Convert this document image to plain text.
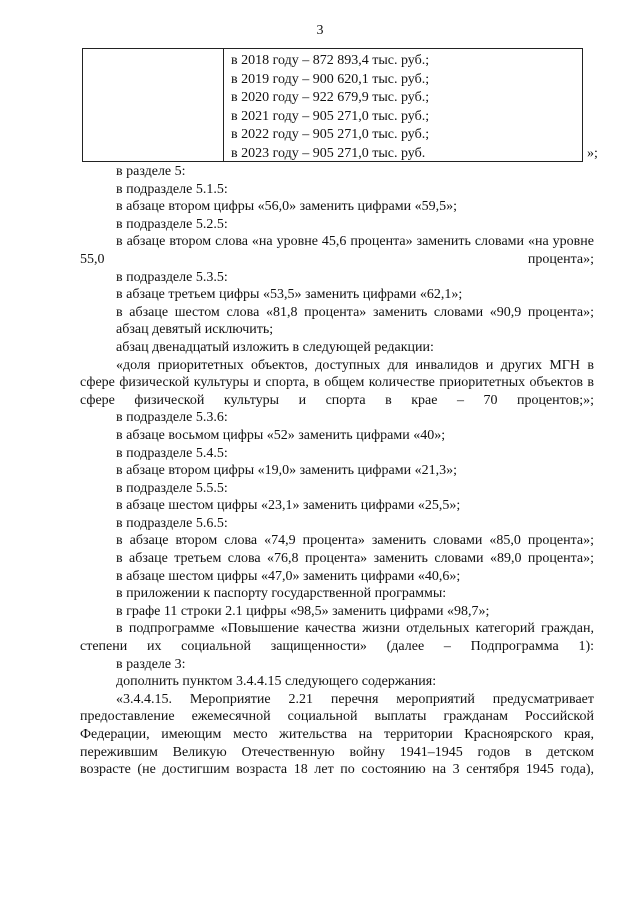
3
в 2018 году – 872 893,4 тыс. руб.;
в 2019 году – 900 620,1 тыс. руб.;
в 2020 году – 922 679,9 тыс. руб.;
в 2021 году – 905 271,0 тыс. руб.;
в 2022 году – 905 271,0 тыс. руб.;
в 2023 году – 905 271,0 тыс. руб.	»;

в разделе 5:

в подразделе 5.1.5:

в абзаце втором цифры «56,0» заменить цифрами «59,5»;

в подразделе 5.2.5:

в абзаце втором слова «на уровне 45,6 процента» заменить словами «на уровне 55,0 процента»;

в подразделе 5.3.5:

в абзаце третьем цифры «53,5» заменить цифрами «62,1»;

в абзаце шестом слова «81,8 процента» заменить словами «90,9 процента»;

абзац девятый исключить;

абзац двенадцатый изложить в следующей редакции:

«доля приоритетных объектов, доступных для инвалидов и других МГН в сфере физической культуры и спорта, в общем количестве приоритетных объектов в сфере физической культуры и спорта в крае – 70 процентов;»;

в подразделе 5.3.6:

в абзаце восьмом цифры «52» заменить цифрами «40»;

в подразделе 5.4.5:

в абзаце втором цифры «19,0» заменить цифрами «21,3»;

в подразделе 5.5.5:

в абзаце шестом цифры «23,1» заменить цифрами «25,5»;

в подразделе 5.6.5:

в абзаце втором слова «74,9 процента» заменить словами «85,0 процента»;

в абзаце третьем слова «76,8 процента» заменить словами «89,0 процента»;

в абзаце шестом цифры «47,0» заменить цифрами «40,6»;

в приложении к паспорту государственной программы:

в графе 11 строки 2.1 цифры «98,5» заменить цифрами «98,7»;

в подпрограмме «Повышение качества жизни отдельных категорий граждан, степени их социальной защищенности» (далее – Подпрограмма 1):

в разделе 3:

дополнить пунктом 3.4.4.15 следующего содержания:

«3.4.4.15. Мероприятие 2.21 перечня мероприятий предусматривает
предоставление ежемесячной социальной выплаты гражданам Российской
Федерации, имеющим место жительства на территории Красноярского края,
пережившим Великую Отечественную войну 1941–1945 годов в детском
возрасте (не достигшим возраста 18 лет по состоянию на 3 сентября 1945 года),
